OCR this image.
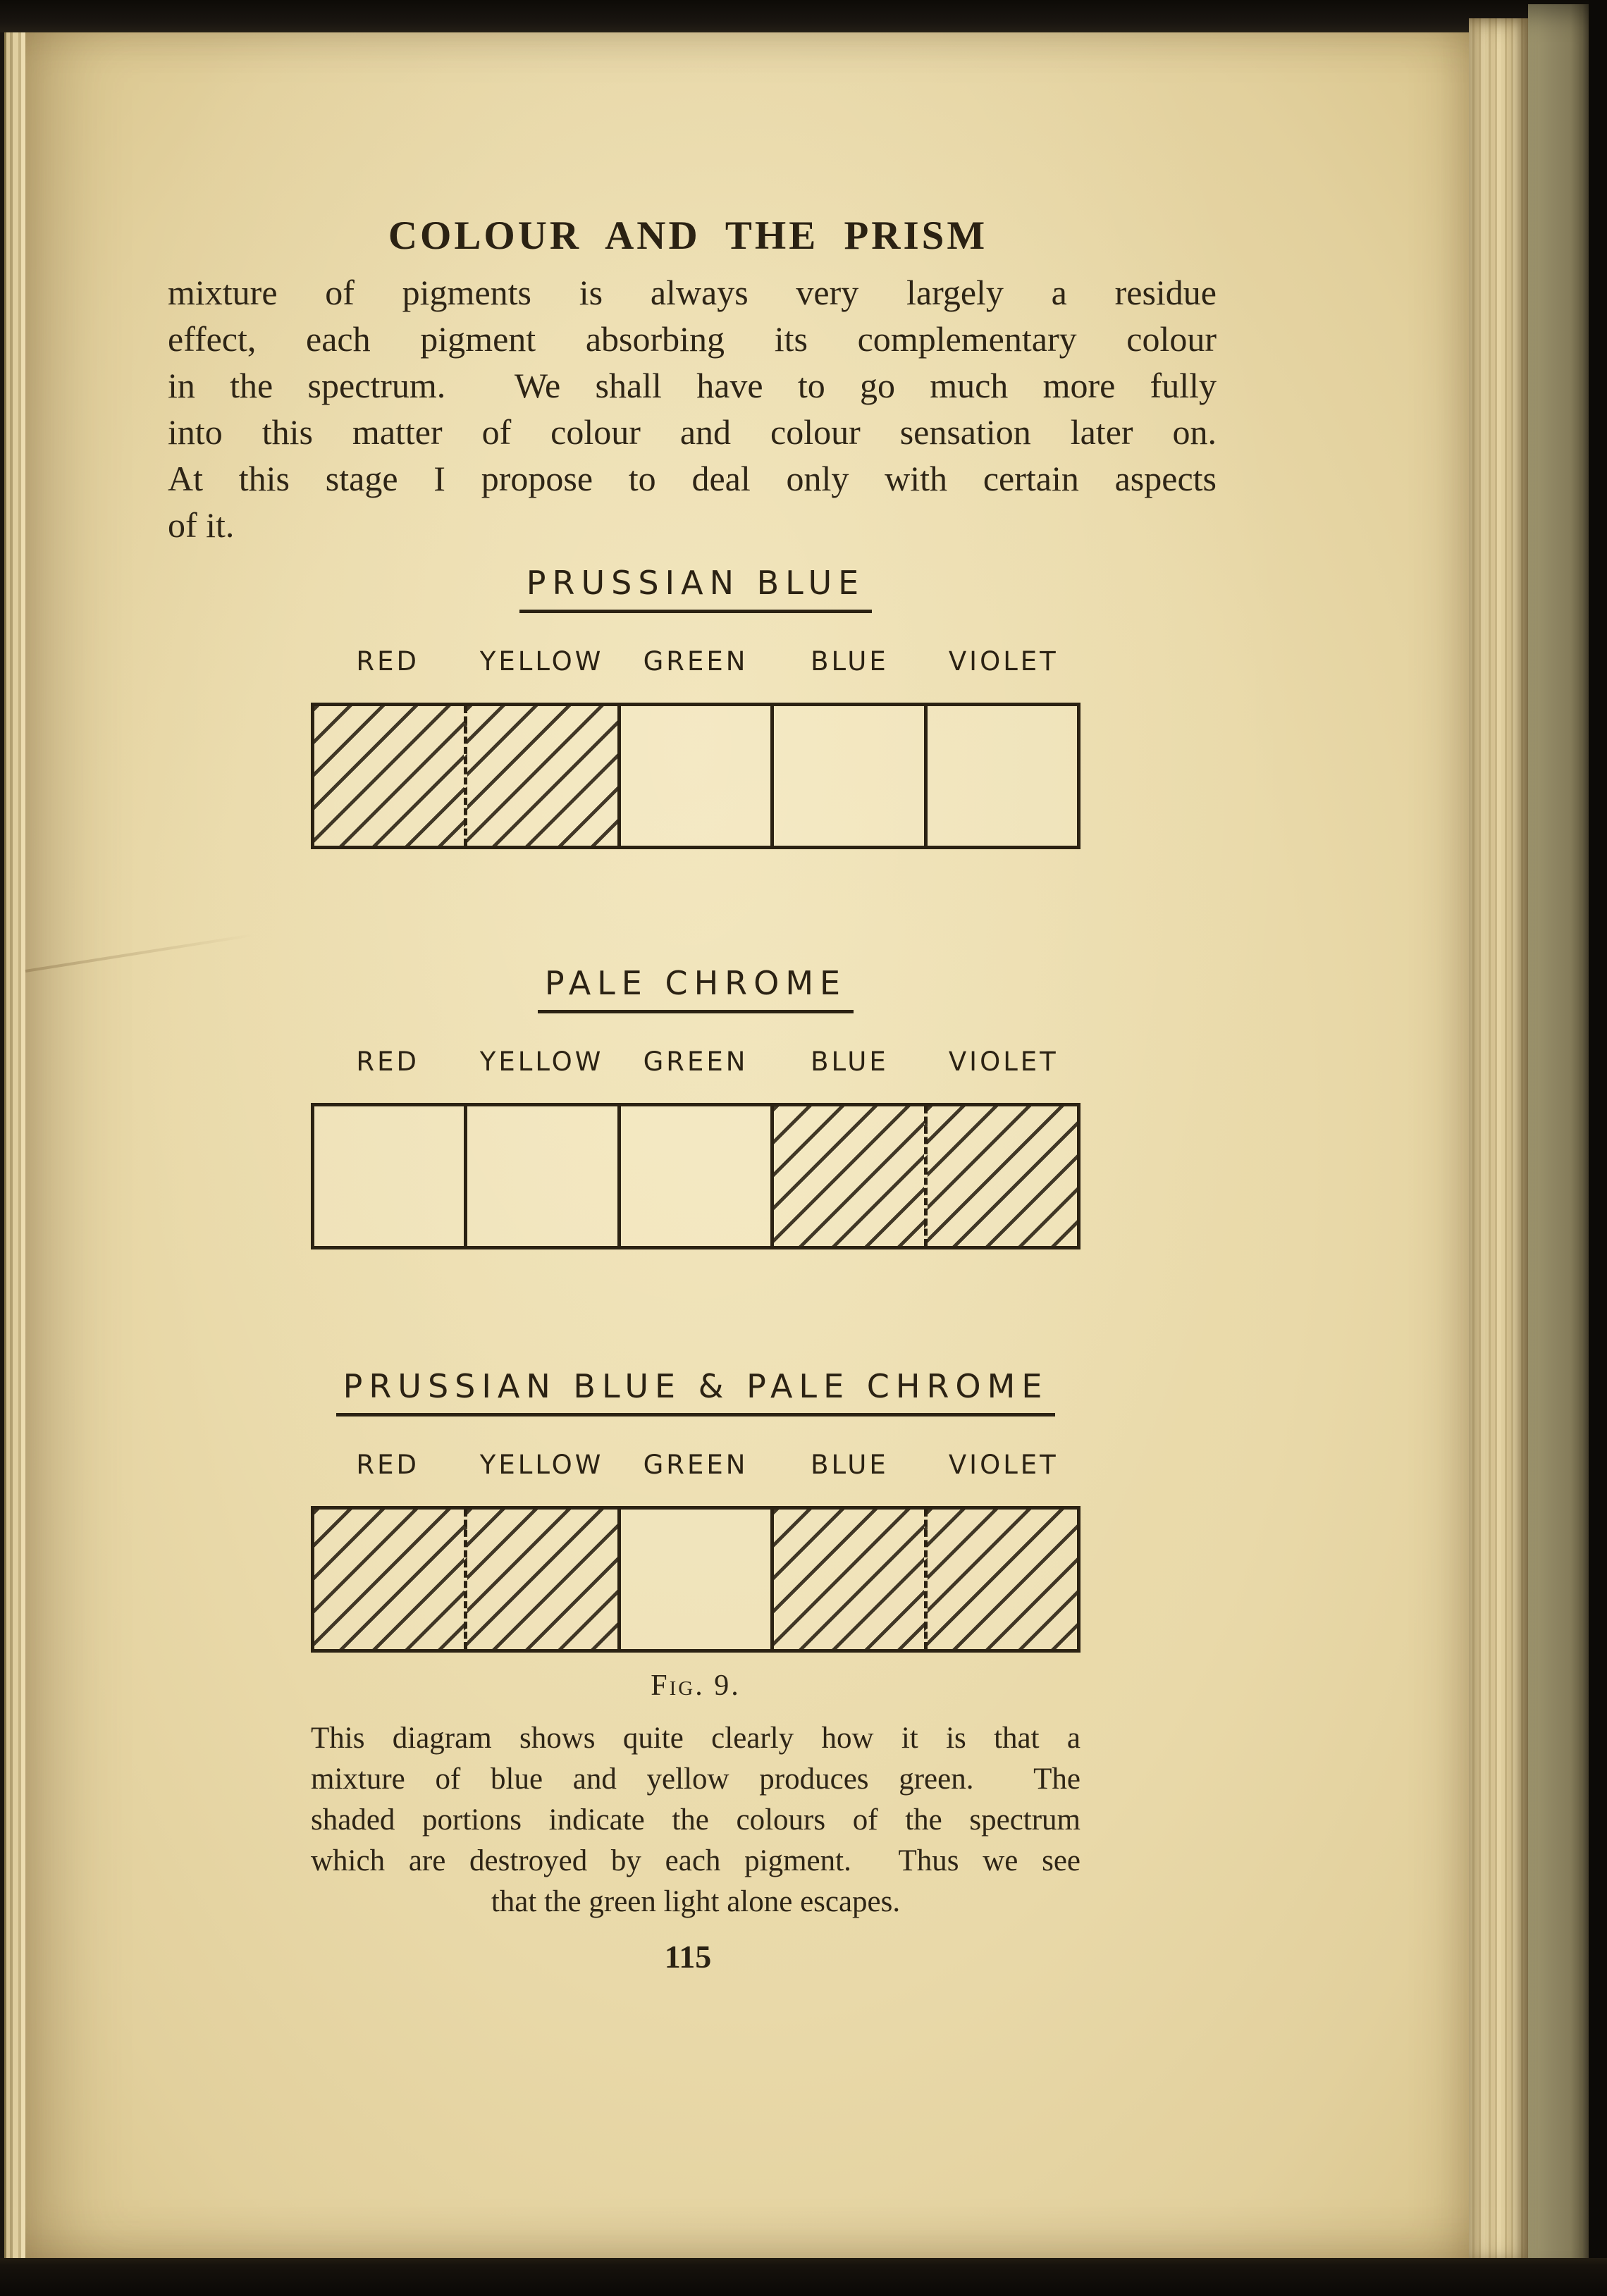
COLOUR AND THE PRISM
mixture of pigments is always very largely a residue
effect, each pigment absorbing its complementary colour
in the spectrum.  We shall have to go much more fully
into this matter of colour and colour sensation later on.
At this stage I propose to deal only with certain aspects
of it.
PRUSSIAN BLUE
RED	YELLOW	GREEN	BLUE	VIOLET
PALE CHROME
RED	YELLOW	GREEN	BLUE	VIOLET
PRUSSIAN BLUE & PALE CHROME
RED	YELLOW	GREEN	BLUE	VIOLET
Fig. 9.
This diagram shows quite clearly how it is that a
mixture of blue and yellow produces green.  The
shaded portions indicate the colours of the spectrum
which are destroyed by each pigment.  Thus we see
that the green light alone escapes.
115
